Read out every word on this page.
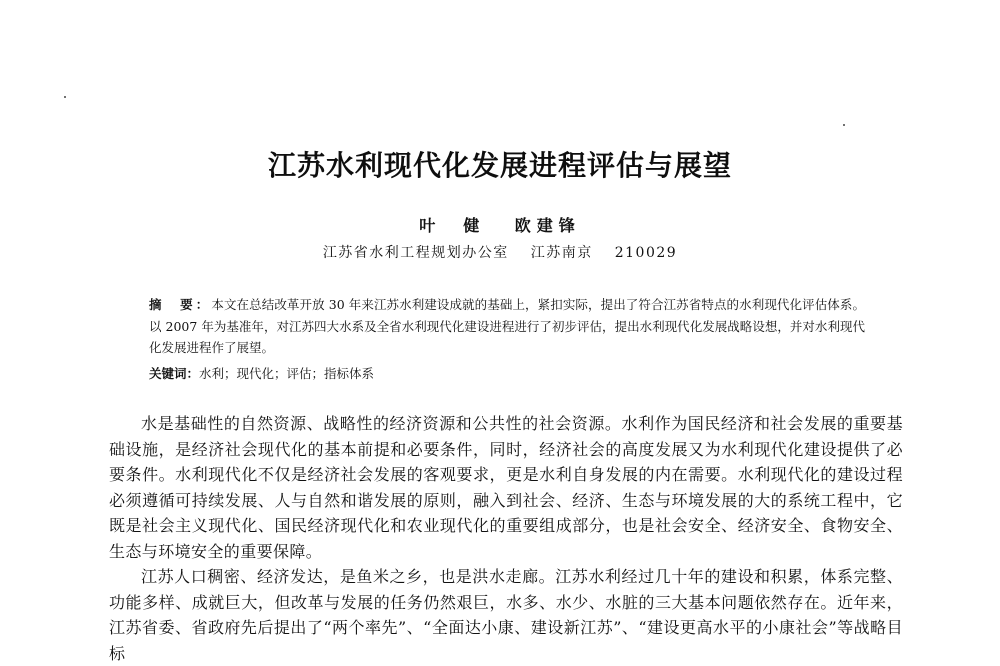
江苏水利现代化发展进程评估与展望
叶　健 欧建锋
江苏省水利工程规划办公室 江苏南京 210029
摘　要：本文在总结改革开放 30 年来江苏水利建设成就的基础上，紧扣实际，提出了符合江苏省特点的水利现代化评估体系。以 2007 年为基准年，对江苏四大水系及全省水利现代化建设进程进行了初步评估，提出水利现代化发展战略设想，并对水利现代化发展进程作了展望。
关键词：水利；现代化；评估；指标体系

水是基础性的自然资源、战略性的经济资源和公共性的社会资源。水利作为国民经济和社会发展的重要基础设施，是经济社会现代化的基本前提和必要条件，同时，经济社会的高度发展又为水利现代化建设提供了必要条件。水利现代化不仅是经济社会发展的客观要求，更是水利自身发展的内在需要。水利现代化的建设过程必须遵循可持续发展、人与自然和谐发展的原则，融入到社会、经济、生态与环境发展的大的系统工程中，它既是社会主义现代化、国民经济现代化和农业现代化的重要组成部分，也是社会安全、经济安全、食物安全、生态与环境安全的重要保障。

江苏人口稠密、经济发达，是鱼米之乡，也是洪水走廊。江苏水利经过几十年的建设和积累，体系完整、功能多样、成就巨大，但改革与发展的任务仍然艰巨，水多、水少、水脏的三大基本问题依然存在。近年来，江苏省委、省政府先后提出了“两个率先”、“全面达小康、建设新江苏”、“建设更高水平的小康社会”等战略目标
